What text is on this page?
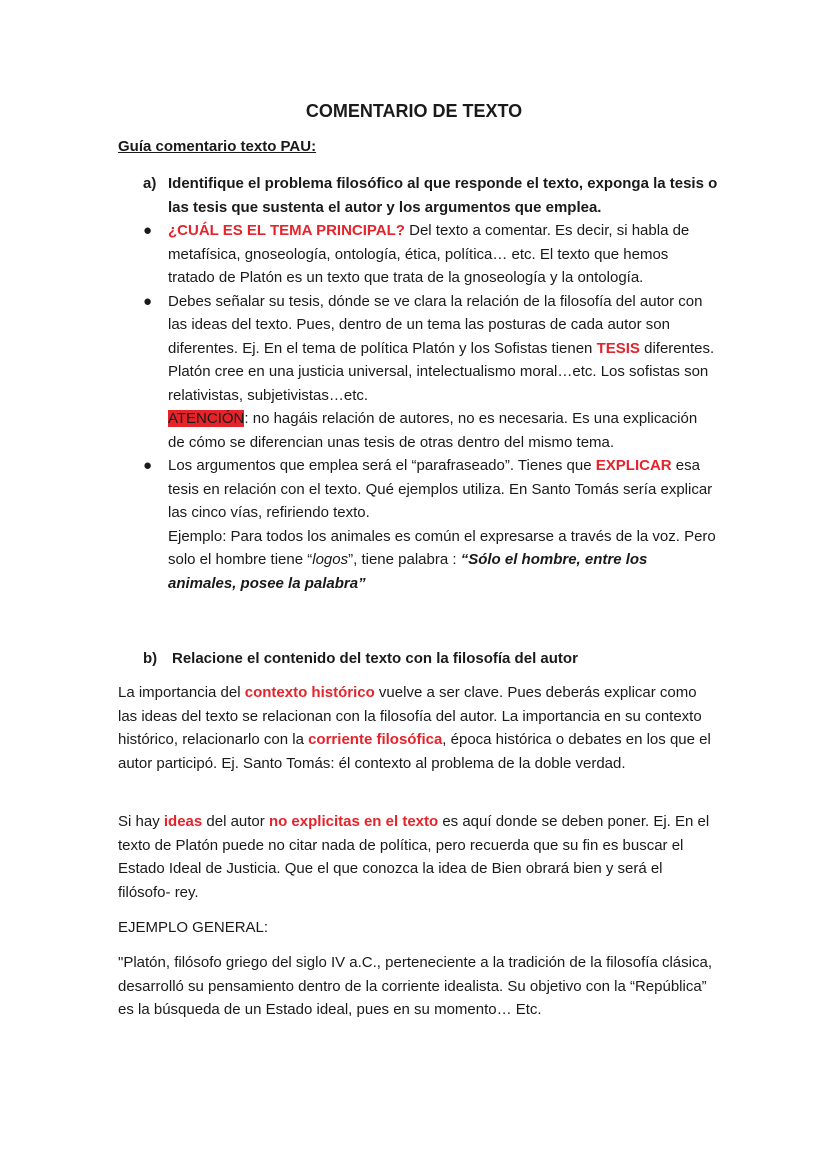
COMENTARIO DE TEXTO
Guía comentario texto PAU:
a) Identifique el problema filosófico al que responde el texto, exponga la tesis o las tesis que sustenta el autor y los argumentos que emplea.
● ¿CUÁL ES EL TEMA PRINCIPAL? Del texto a comentar. Es decir, si habla de metafísica, gnoseología, ontología, ética, política… etc. El texto que hemos tratado de Platón es un texto que trata de la gnoseología y la ontología.
● Debes señalar su tesis, dónde se ve clara la relación de la filosofía del autor con las ideas del texto. Pues, dentro de un tema las posturas de cada autor son diferentes. Ej. En el tema de política Platón y los Sofistas tienen TESIS diferentes. Platón cree en una justicia universal, intelectualismo moral…etc. Los sofistas son relativistas, subjetivistas…etc.
ATENCIÓN: no hagáis relación de autores, no es necesaria. Es una explicación de cómo se diferencian unas tesis de otras dentro del mismo tema.
● Los argumentos que emplea será el “parafraseado”. Tienes que EXPLICAR esa tesis en relación con el texto. Qué ejemplos utiliza. En Santo Tomás sería explicar las cinco vías, refiriendo texto.
Ejemplo: Para todos los animales es común el expresarse a través de la voz. Pero solo el hombre tiene “logos”, tiene palabra : “Sólo el hombre, entre los animales, posee la palabra”
b) Relacione el contenido del texto con la filosofía del autor

La importancia del contexto histórico vuelve a ser clave. Pues deberás explicar como las ideas del texto se relacionan con la filosofía del autor. La importancia en su contexto histórico, relacionarlo con la corriente filosófica, época histórica o debates en los que el autor participó. Ej. Santo Tomás: él contexto al problema de la doble verdad.

Si hay ideas del autor no explicitas en el texto es aquí donde se deben poner. Ej. En el texto de Platón puede no citar nada de política, pero recuerda que su fin es buscar el Estado Ideal de Justicia. Que el que conozca la idea de Bien obrará bien y será el filósofo- rey.

EJEMPLO GENERAL:
"Platón, filósofo griego del siglo IV a.C., perteneciente a la tradición de la filosofía clásica, desarrolló su pensamiento dentro de la corriente idealista. Su objetivo con la “República” es la búsqueda de un Estado ideal, pues en su momento… Etc.
